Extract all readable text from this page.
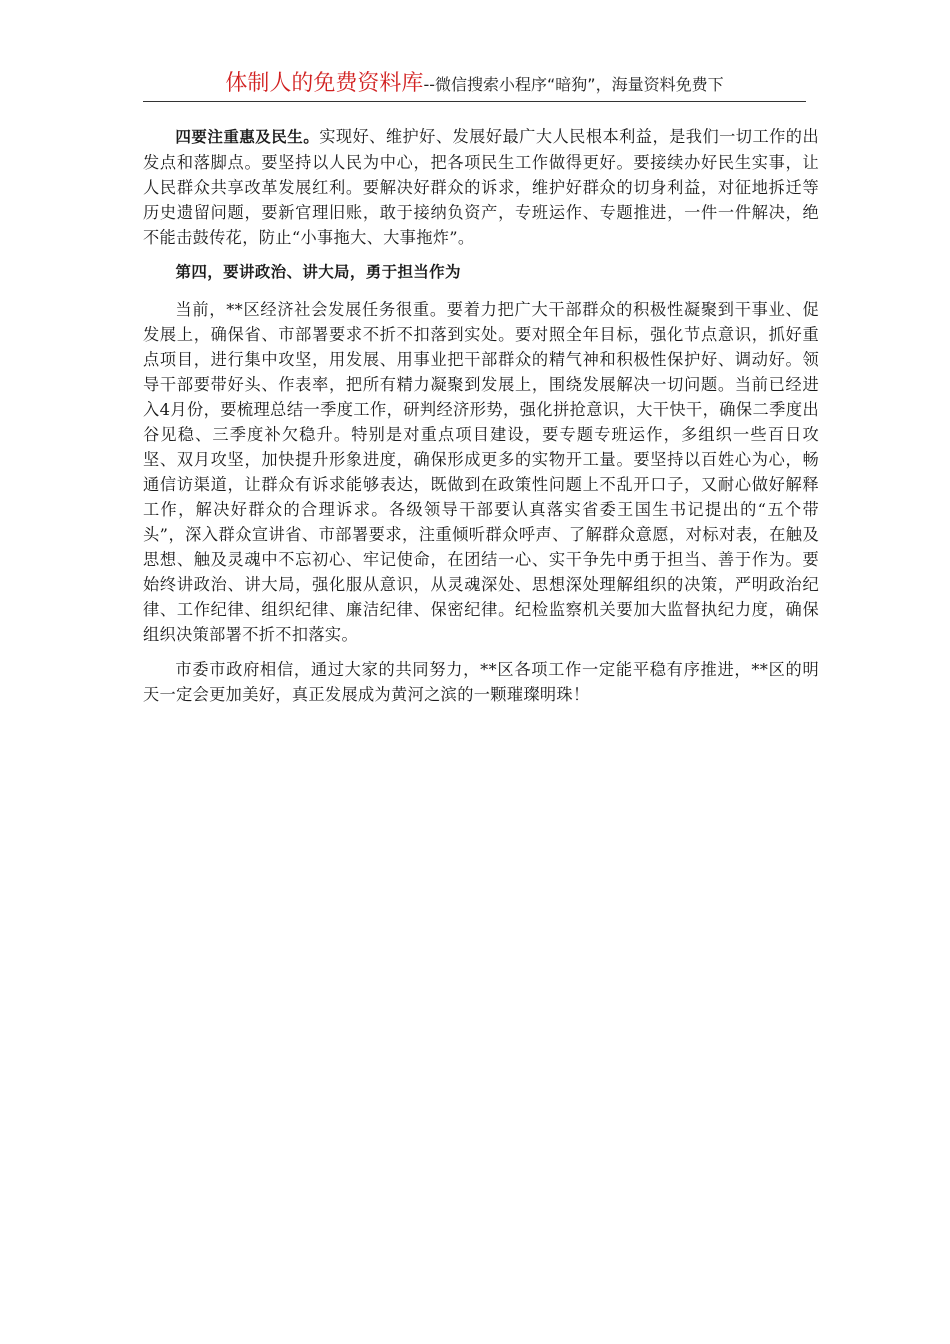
体制人的免费资料库--微信搜索小程序“暗狗”，海量资料免费下

四要注重惠及民生。实现好、维护好、发展好最广大人民根本利益，是我们一切工作的出发点和落脚点。要坚持以人民为中心，把各项民生工作做得更好。要接续办好民生实事，让人民群众共享改革发展红利。要解决好群众的诉求，维护好群众的切身利益，对征地拆迁等历史遗留问题，要新官理旧账，敢于接纳负资产，专班运作、专题推进，一件一件解决，绝不能击鼓传花，防止“小事拖大、大事拖炸”。

第四，要讲政治、讲大局，勇于担当作为

当前，**区经济社会发展任务很重。要着力把广大干部群众的积极性凝聚到干事业、促发展上，确保省、市部署要求不折不扣落到实处。要对照全年目标，强化节点意识，抓好重点项目，进行集中攻坚，用发展、用事业把干部群众的精气神和积极性保护好、调动好。领导干部要带好头、作表率，把所有精力凝聚到发展上，围绕发展解决一切问题。当前已经进入4月份，要梳理总结一季度工作，研判经济形势，强化拼抢意识，大干快干，确保二季度出谷见稳、三季度补欠稳升。特别是对重点项目建设，要专题专班运作，多组织一些百日攻坚、双月攻坚，加快提升形象进度，确保形成更多的实物开工量。要坚持以百姓心为心，畅通信访渠道，让群众有诉求能够表达，既做到在政策性问题上不乱开口子，又耐心做好解释工作，解决好群众的合理诉求。各级领导干部要认真落实省委王国生书记提出的“五个带头”，深入群众宣讲省、市部署要求，注重倾听群众呼声、了解群众意愿，对标对表，在触及思想、触及灵魂中不忘初心、牢记使命，在团结一心、实干争先中勇于担当、善于作为。要始终讲政治、讲大局，强化服从意识，从灵魂深处、思想深处理解组织的决策，严明政治纪律、工作纪律、组织纪律、廉洁纪律、保密纪律。纪检监察机关要加大监督执纪力度，确保组织决策部署不折不扣落实。

市委市政府相信，通过大家的共同努力，**区各项工作一定能平稳有序推进，**区的明天一定会更加美好，真正发展成为黄河之滨的一颗璀璨明珠！
